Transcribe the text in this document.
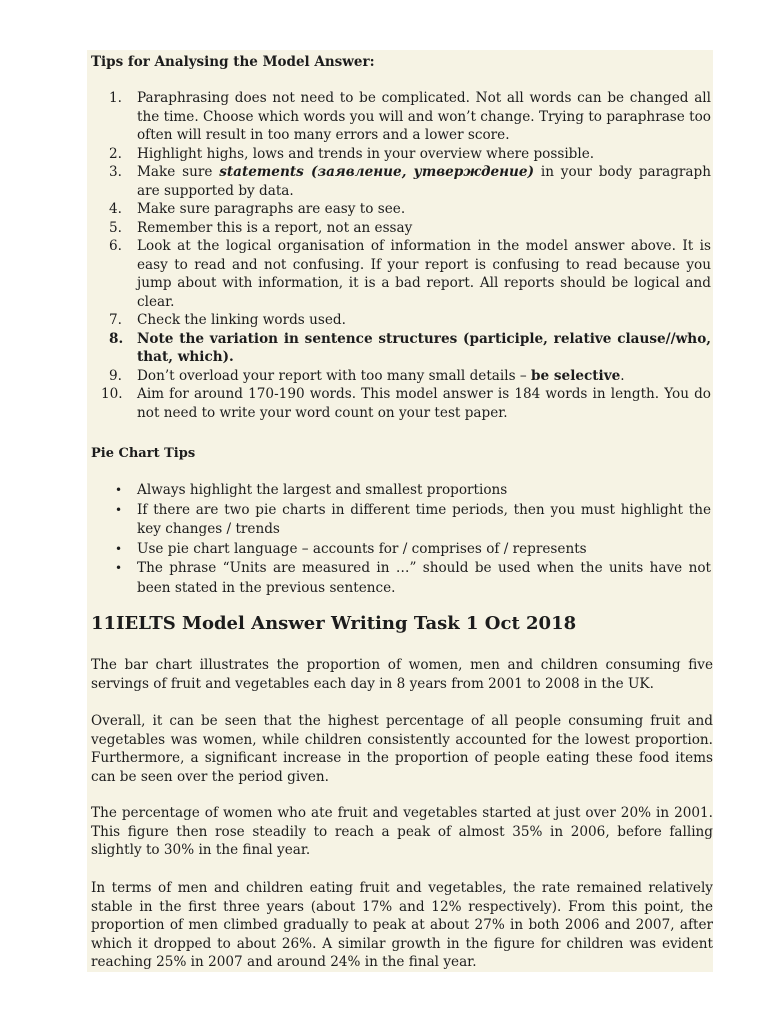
Tips for Analysing the Model Answer:

1. Paraphrasing does not need to be complicated. Not all words can be changed all the time. Choose which words you will and won’t change. Trying to paraphrase too often will result in too many errors and a lower score.
2. Highlight highs, lows and trends in your overview where possible.
3. Make sure statements (заявление, утверждение) in your body paragraph are supported by data.
4. Make sure paragraphs are easy to see.
5. Remember this is a report, not an essay
6. Look at the logical organisation of information in the model answer above. It is easy to read and not confusing. If your report is confusing to read because you jump about with information, it is a bad report. All reports should be logical and clear.
7. Check the linking words used.
8. Note the variation in sentence structures (participle, relative clause//who, that, which).
9. Don’t overload your report with too many small details – be selective.
10. Aim for around 170-190 words. This model answer is 184 words in length. You do not need to write your word count on your test paper.

Pie Chart Tips

• Always highlight the largest and smallest proportions
• If there are two pie charts in different time periods, then you must highlight the key changes / trends
• Use pie chart language – accounts for / comprises of / represents
• The phrase “Units are measured in …” should be used when the units have not been stated in the previous sentence.
11IELTS Model Answer Writing Task 1 Oct 2018

The bar chart illustrates the proportion of women, men and children consuming five servings of fruit and vegetables each day in 8 years from 2001 to 2008 in the UK.

Overall, it can be seen that the highest percentage of all people consuming fruit and vegetables was women, while children consistently accounted for the lowest proportion. Furthermore, a significant increase in the proportion of people eating these food items can be seen over the period given.

The percentage of women who ate fruit and vegetables started at just over 20% in 2001. This figure then rose steadily to reach a peak of almost 35% in 2006, before falling slightly to 30% in the final year.

In terms of men and children eating fruit and vegetables, the rate remained relatively stable in the first three years (about 17% and 12% respectively). From this point, the proportion of men climbed gradually to peak at about 27% in both 2006 and 2007, after which it dropped to about 26%. A similar growth in the figure for children was evident reaching 25% in 2007 and around 24% in the final year.
